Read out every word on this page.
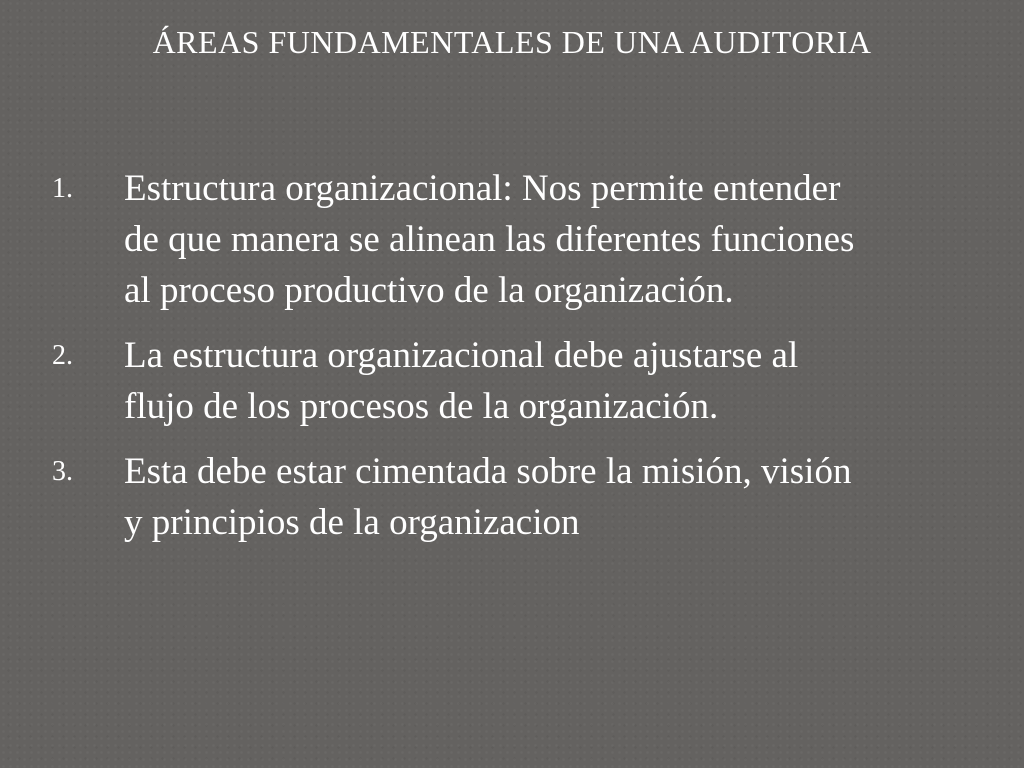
ÁREAS FUNDAMENTALES DE UNA AUDITORIA
1. Estructura organizacional: Nos permite entender de que manera se alinean las diferentes funciones al proceso productivo de la organización.
2. La estructura organizacional debe ajustarse al flujo de los procesos de la organización.
3. Esta debe estar cimentada sobre la misión, visión y principios de la organizacion
